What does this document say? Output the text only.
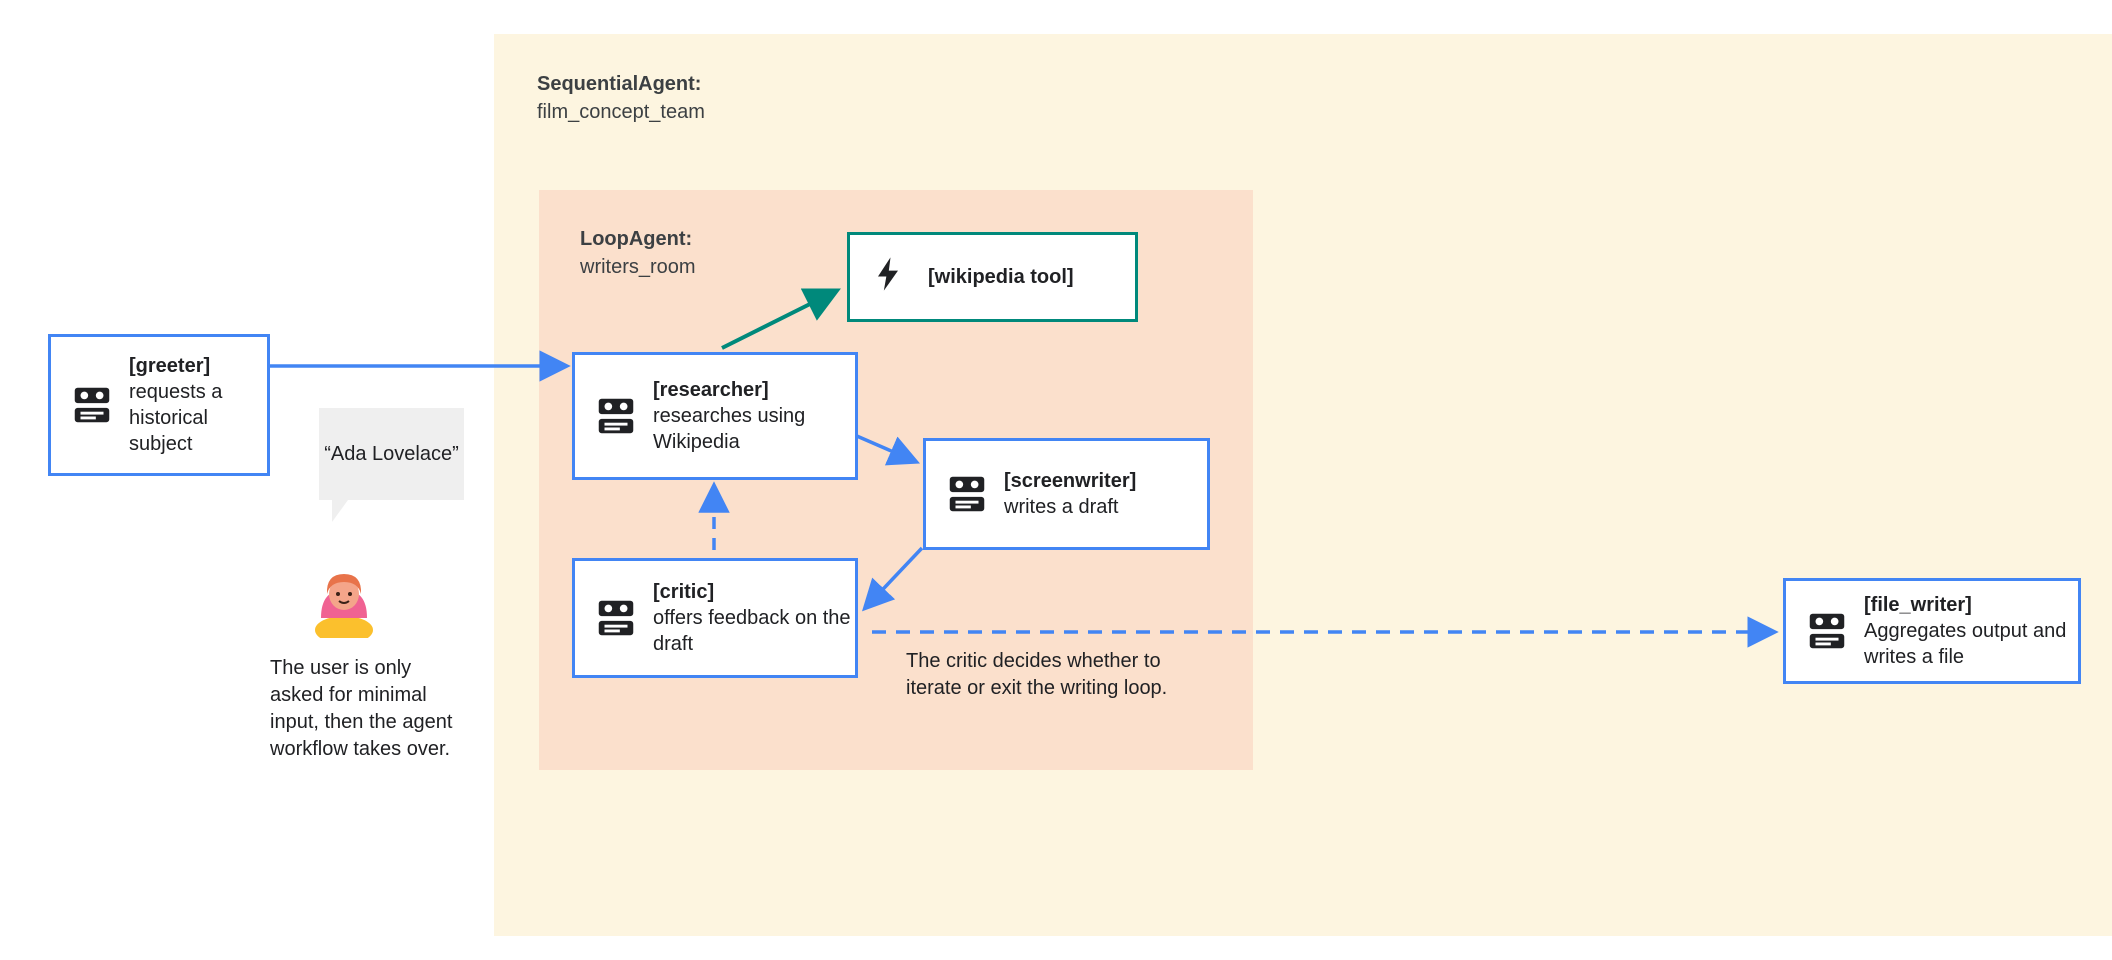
SequentialAgent:
film_concept_team
LoopAgent:
writers_room
[greeter]
requests a historical subject
[researcher]
researches using Wikipedia
[wikipedia tool]
[screenwriter]
writes a draft
[critic]
offers feedback on the draft
[file_writer]
Aggregates output and writes a file
“Ada Lovelace”
The user is only asked for minimal input, then the agent workflow takes over.
The critic decides whether to iterate or exit the writing loop.
